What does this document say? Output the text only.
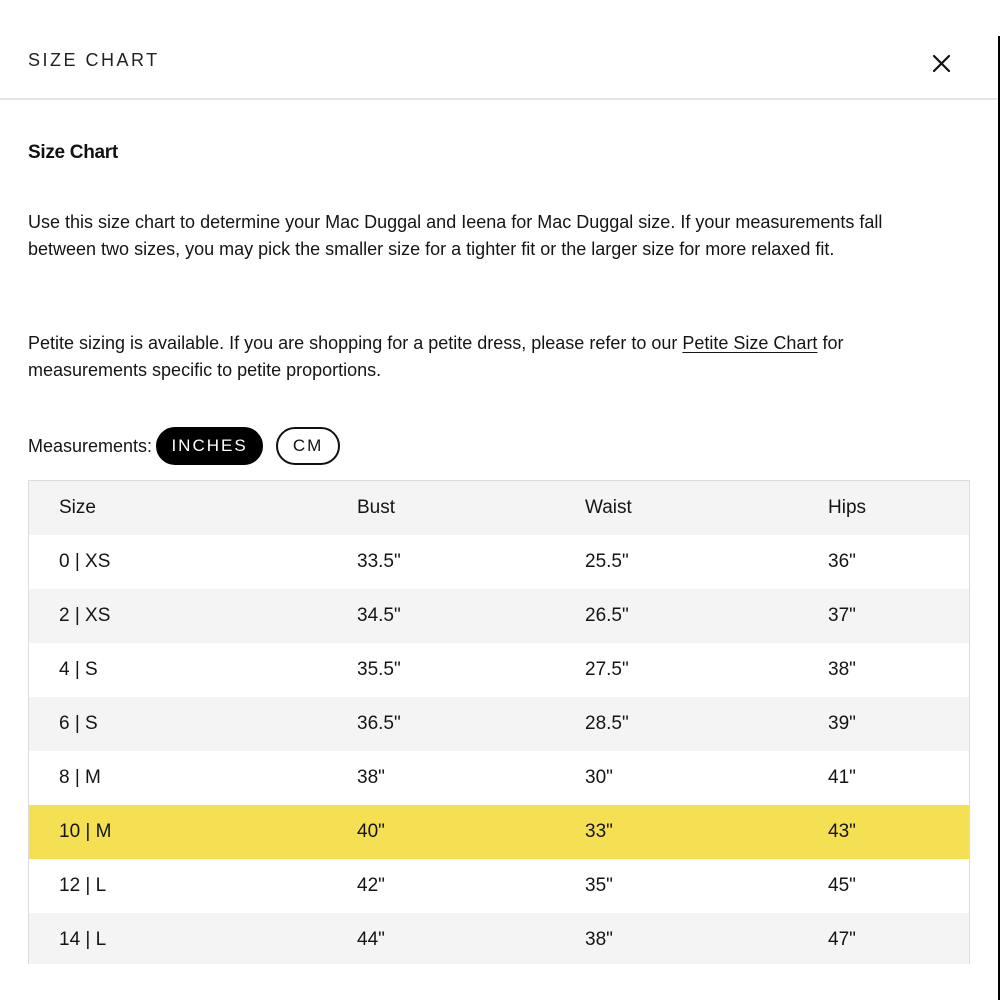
SIZE CHART
Size Chart
Use this size chart to determine your Mac Duggal and Ieena for Mac Duggal size. If your measurements fall between two sizes, you may pick the smaller size for a tighter fit or the larger size for more relaxed fit.
Petite sizing is available. If you are shopping for a petite dress, please refer to our Petite Size Chart for measurements specific to petite proportions.
Measurements:	INCHES	CM
Size	Bust	Waist	Hips
0 | XS	33.5"	25.5"	36"
2 | XS	34.5"	26.5"	37"
4 | S	35.5"	27.5"	38"
6 | S	36.5"	28.5"	39"
8 | M	38"	30"	41"
10 | M	40"	33"	43"
12 | L	42"	35"	45"
14 | L	44"	38"	47"
